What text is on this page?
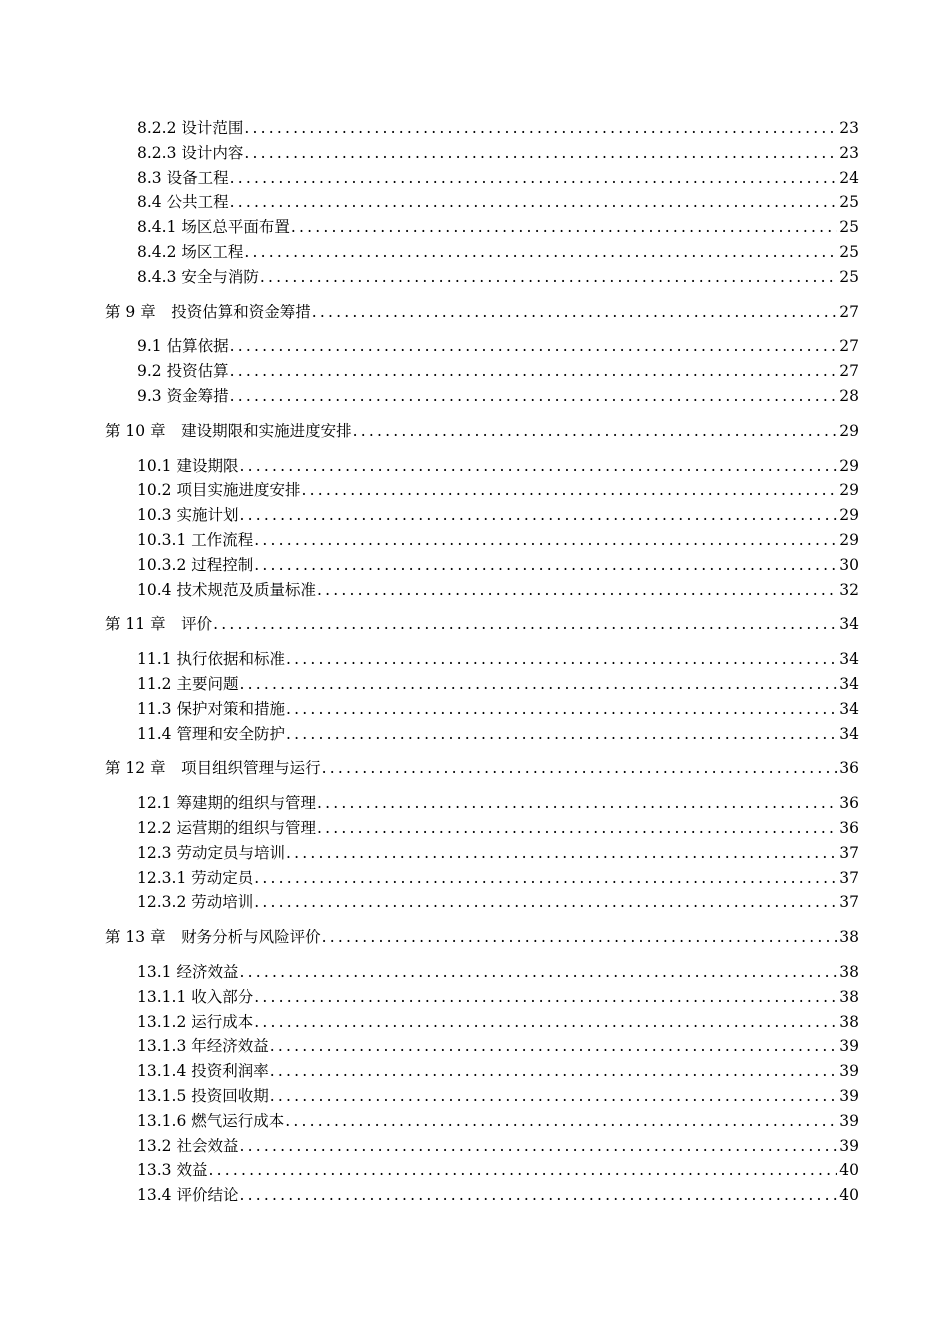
8.2.2 设计范围 .....	23
8.2.3 设计内容 .....	23
8.3 设备工程 .....	24
8.4 公共工程 .....	25
8.4.1 场区总平面布置 .....	25
8.4.2 场区工程 .....	25
8.4.3 安全与消防 .....	25
第 9 章　投资估算和资金筹措 .....	27
9.1 估算依据 .....	27
9.2 投资估算 .....	27
9.3 资金筹措 .....	28
第 10 章　建设期限和实施进度安排 .....	29
10.1 建设期限 .....	29
10.2 项目实施进度安排 .....	29
10.3 实施计划 .....	29
10.3.1 工作流程 .....	29
10.3.2 过程控制 .....	30
10.4 技术规范及质量标准 .....	32
第 11 章　评价 .....	34
11.1 执行依据和标准 .....	34
11.2 主要问题 .....	34
11.3 保护对策和措施 .....	34
11.4 管理和安全防护 .....	34
第 12 章　项目组织管理与运行 .....	36
12.1 筹建期的组织与管理 .....	36
12.2 运营期的组织与管理 .....	36
12.3 劳动定员与培训 .....	37
12.3.1 劳动定员 .....	37
12.3.2 劳动培训 .....	37
第 13 章　财务分析与风险评价 .....	38
13.1 经济效益 .....	38
13.1.1 收入部分 .....	38
13.1.2 运行成本 .....	38
13.1.3 年经济效益 .....	39
13.1.4 投资利润率 .....	39
13.1.5 投资回收期 .....	39
13.1.6 燃气运行成本 .....	39
13.2 社会效益 .....	39
13.3 效益 .....	40
13.4 评价结论 .....	40
